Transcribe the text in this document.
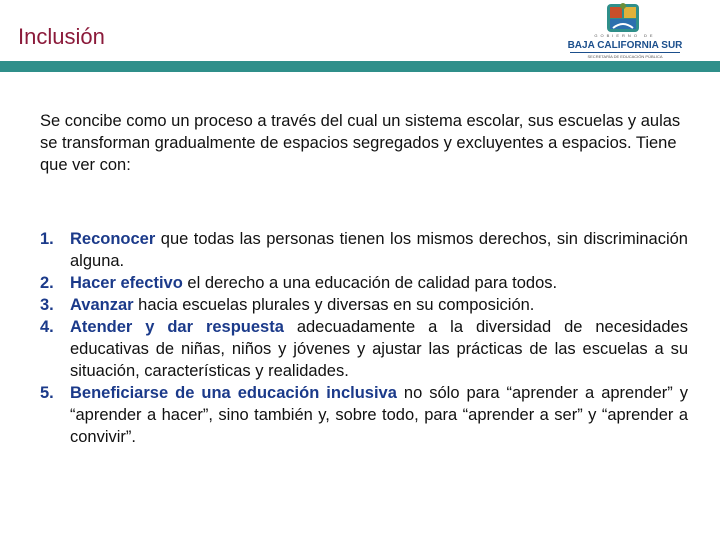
Inclusión	GOBIERNO DE
BAJA CALIFORNIA SUR
SECRETARÍA DE EDUCACIÓN PÚBLICA

Se concibe como un proceso a través del cual un sistema escolar, sus escuelas y aulas se transforman gradualmente de espacios segregados y excluyentes a espacios. Tiene que ver con:

1. Reconocer que todas las personas tienen los mismos derechos, sin discriminación alguna.
2. Hacer efectivo el derecho a una educación de calidad para todos.
3. Avanzar hacia escuelas plurales y diversas en su composición.
4. Atender y dar respuesta adecuadamente a la diversidad de necesidades educativas de niñas, niños y jóvenes y ajustar las prácticas de las escuelas a su situación, características y realidades.
5. Beneficiarse de una educación inclusiva no sólo para “aprender a aprender” y “aprender a hacer”, sino también y, sobre todo, para “aprender a ser” y “aprender a convivir”.
